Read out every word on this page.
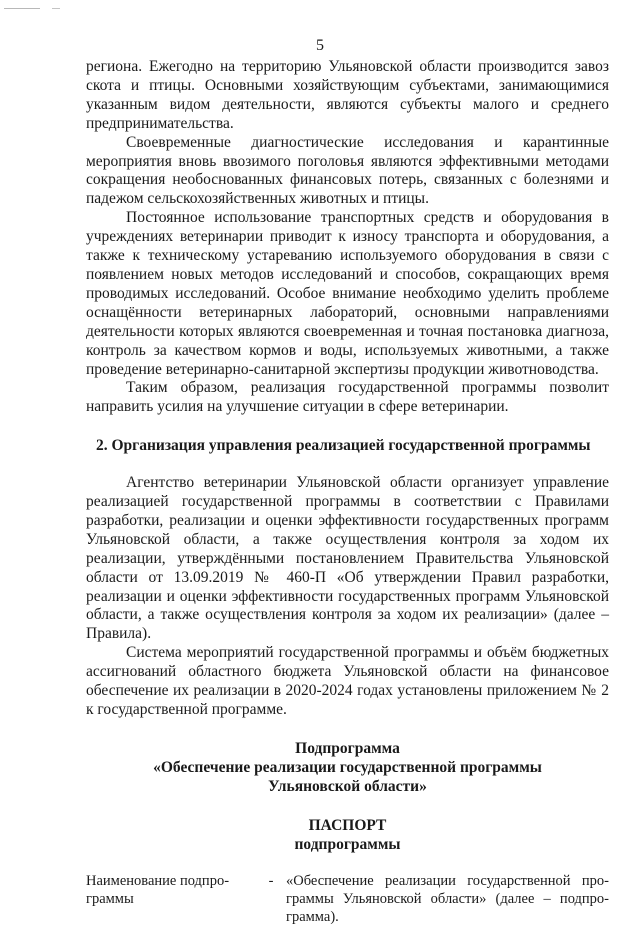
5

региона. Ежегодно на территорию Ульяновской области производится завоз скота и птицы. Основными хозяйствующим субъектами, занимающимися указанным видом деятельности, являются субъекты малого и среднего предпринимательства.

Своевременные диагностические исследования и карантинные мероприятия вновь ввозимого поголовья являются эффективными методами сокращения необоснованных финансовых потерь, связанных с болезнями и падежом сельскохозяйственных животных и птицы.

Постоянное использование транспортных средств и оборудования в учреждениях ветеринарии приводит к износу транспорта и оборудования, а также к техническому устареванию используемого оборудования в связи с появлением новых методов исследований и способов, сокращающих время проводимых исследований. Особое внимание необходимо уделить проблеме оснащённости ветеринарных лабораторий, основными направлениями деятельности которых являются своевременная и точная постановка диагноза, контроль за качеством кормов и воды, используемых животными, а также проведение ветеринарно-санитарной экспертизы продукции животноводства.

Таким образом, реализация государственной программы позволит направить усилия на улучшение ситуации в сфере ветеринарии.

2. Организация управления реализацией государственной программы

Агентство ветеринарии Ульяновской области организует управление реализацией государственной программы в соответствии с Правилами разработки, реализации и оценки эффективности государственных программ Ульяновской области, а также осуществления контроля за ходом их реализации, утверждёнными постановлением Правительства Ульяновской области от 13.09.2019 № 460-П «Об утверждении Правил разработки, реализации и оценки эффективности государственных программ Ульяновской области, а также осуществления контроля за ходом их реализации» (далее – Правила).

Система мероприятий государственной программы и объём бюджетных ассигнований областного бюджета Ульяновской области на финансовое обеспечение их реализации в 2020-2024 годах установлены приложением № 2 к государственной программе.

Подпрограмма

«Обеспечение реализации государственной программы

Ульяновской области»

ПАСПОРТ

подпрограммы

Наименование подпро-граммы
- «Обеспечение реализации государственной про-граммы Ульяновской области» (далее – подпро-грамма).
